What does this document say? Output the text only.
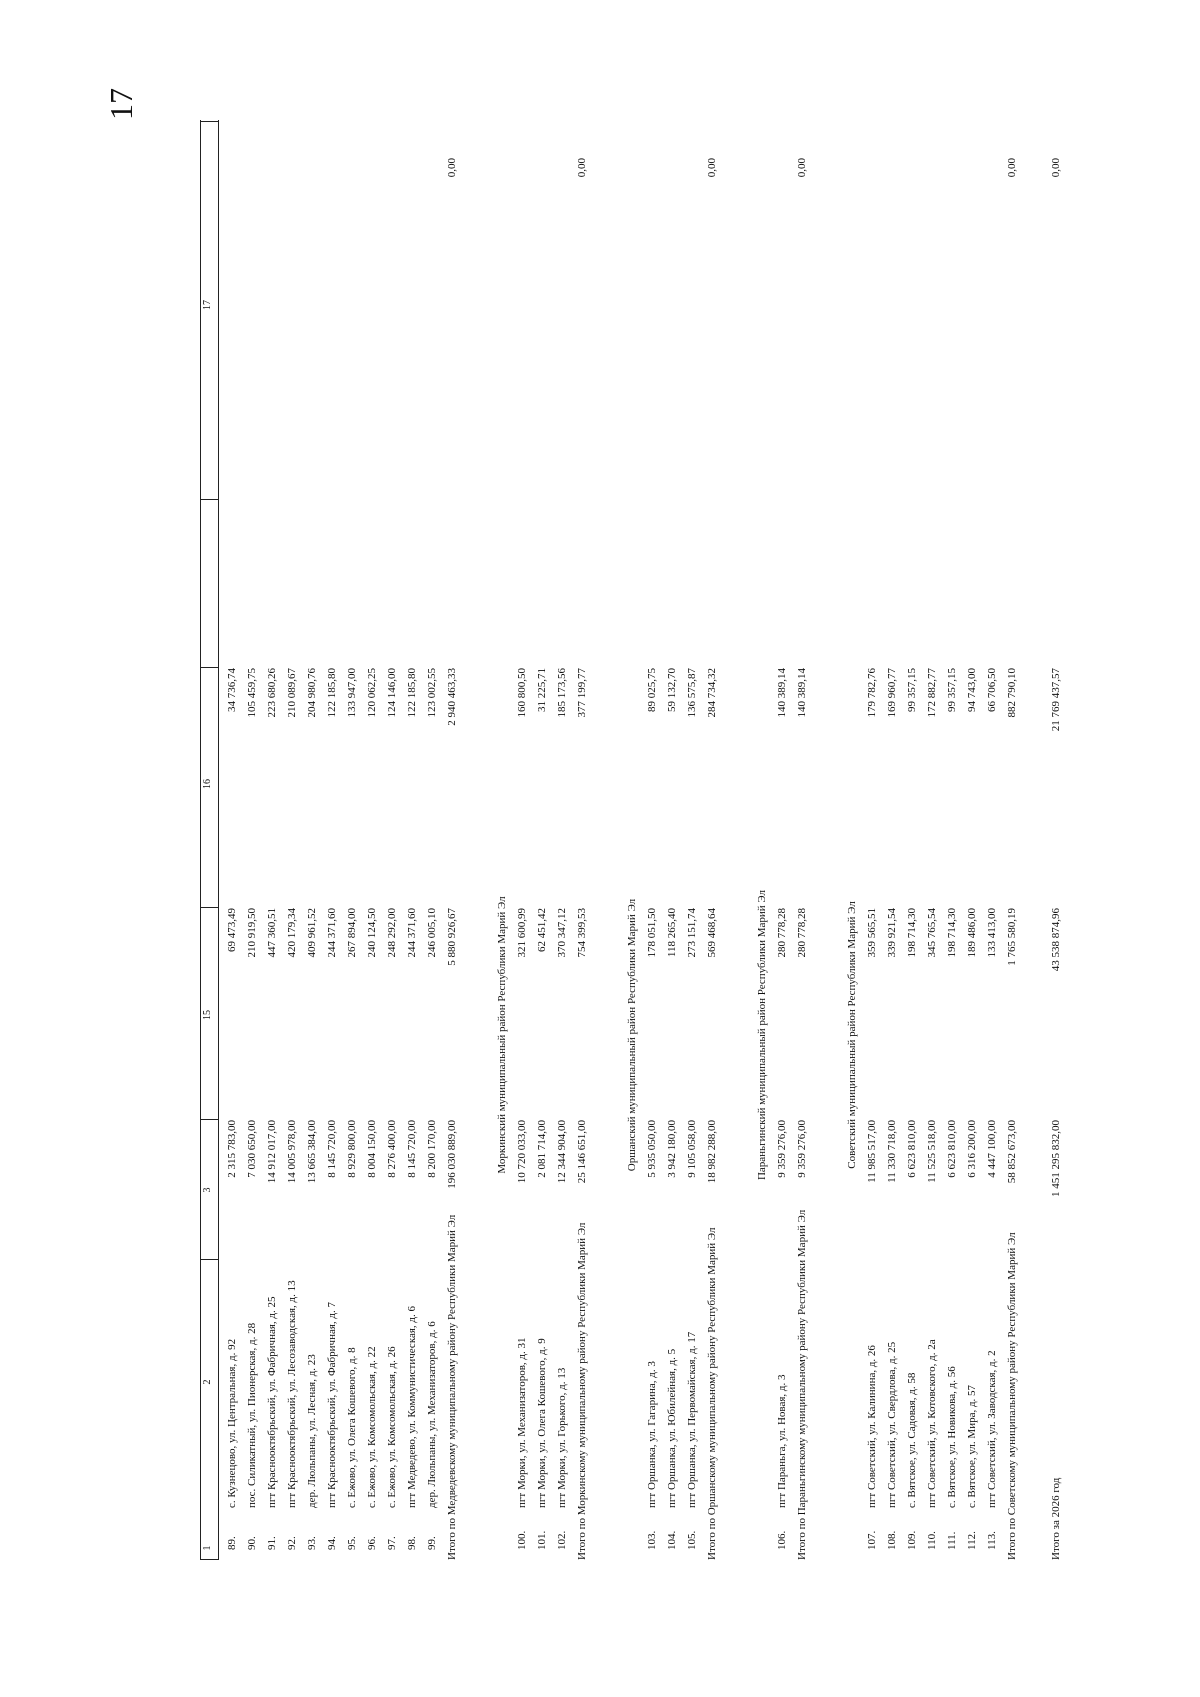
17
1
2
3
15
16
17
89.
с. Кузнецово, ул. Центральная, д. 92
2 315 783,00
69 473,49
34 736,74
90.
пос. Силикатный, ул. Пионерская, д. 28
7 030 650,00
210 919,50
105 459,75
91.
пгт Краснооктябрьский, ул. Фабричная, д. 25
14 912 017,00
447 360,51
223 680,26
92.
пгт Краснооктябрьский, ул. Лесозаводская, д. 13
14 005 978,00
420 179,34
210 089,67
93.
дер. Люльпаны, ул. Лесная, д. 23
13 665 384,00
409 961,52
204 980,76
94.
пгт Краснооктябрьский, ул. Фабричная, д. 7
8 145 720,00
244 371,60
122 185,80
95.
с. Ежово, ул. Олега Кошевого, д. 8
8 929 800,00
267 894,00
133 947,00
96.
с. Ежово, ул. Комсомольская, д. 22
8 004 150,00
240 124,50
120 062,25
97.
с. Ежово, ул. Комсомольская, д. 26
8 276 400,00
248 292,00
124 146,00
98.
пгт Медведево, ул. Коммунистическая, д. 6
8 145 720,00
244 371,60
122 185,80
99.
дер. Люльпаны, ул. Механизаторов, д. 6
8 200 170,00
246 005,10
123 002,55
Итого по Медведевскому муниципальному району Республики Марий Эл
196 030 889,00
5 880 926,67
2 940 463,33
0,00
Моркинский муниципальный район Республики Марий Эл
100.
пгт Морки, ул. Механизаторов, д. 31
10 720 033,00
321 600,99
160 800,50
101.
пгт Морки, ул. Олега Кошевого, д. 9
2 081 714,00
62 451,42
31 225,71
102.
пгт Морки, ул. Горького, д. 13
12 344 904,00
370 347,12
185 173,56
Итого по Моркинскому муниципальному району Республики Марий Эл
25 146 651,00
754 399,53
377 199,77
0,00
Оршанский муниципальный район Республики Марий Эл
103.
пгт Оршанка, ул. Гагарина, д. 3
5 935 050,00
178 051,50
89 025,75
104.
пгт Оршанка, ул. Юбилейная, д. 5
3 942 180,00
118 265,40
59 132,70
105.
пгт Оршанка, ул. Первомайская, д. 17
9 105 058,00
273 151,74
136 575,87
Итого по Оршанскому муниципальному району Республики Марий Эл
18 982 288,00
569 468,64
284 734,32
0,00
Параньгинский муниципальный район Республики Марий Эл
106.
пгт Параньга, ул. Новая, д. 3
9 359 276,00
280 778,28
140 389,14
Итого по Параньгинскому муниципальному району Республики Марий Эл
9 359 276,00
280 778,28
140 389,14
0,00
Советский муниципальный район Республики Марий Эл
107.
пгт Советский, ул. Калинина, д. 26
11 985 517,00
359 565,51
179 782,76
108.
пгт Советский, ул. Свердлова, д. 25
11 330 718,00
339 921,54
169 960,77
109.
с. Вятское, ул. Садовая, д. 58
6 623 810,00
198 714,30
99 357,15
110.
пгт Советский, ул. Котовского, д. 2а
11 525 518,00
345 765,54
172 882,77
111.
с. Вятское, ул. Новикова, д. 56
6 623 810,00
198 714,30
99 357,15
112.
с. Вятское, ул. Мира, д. 57
6 316 200,00
189 486,00
94 743,00
113.
пгт Советский, ул. Заводская, д. 2
4 447 100,00
133 413,00
66 706,50
Итого по Советскому муниципальному району Республики Марий Эл
58 852 673,00
1 765 580,19
882 790,10
0,00
Итого за 2026 год
1 451 295 832,00
43 538 874,96
21 769 437,57
0,00
